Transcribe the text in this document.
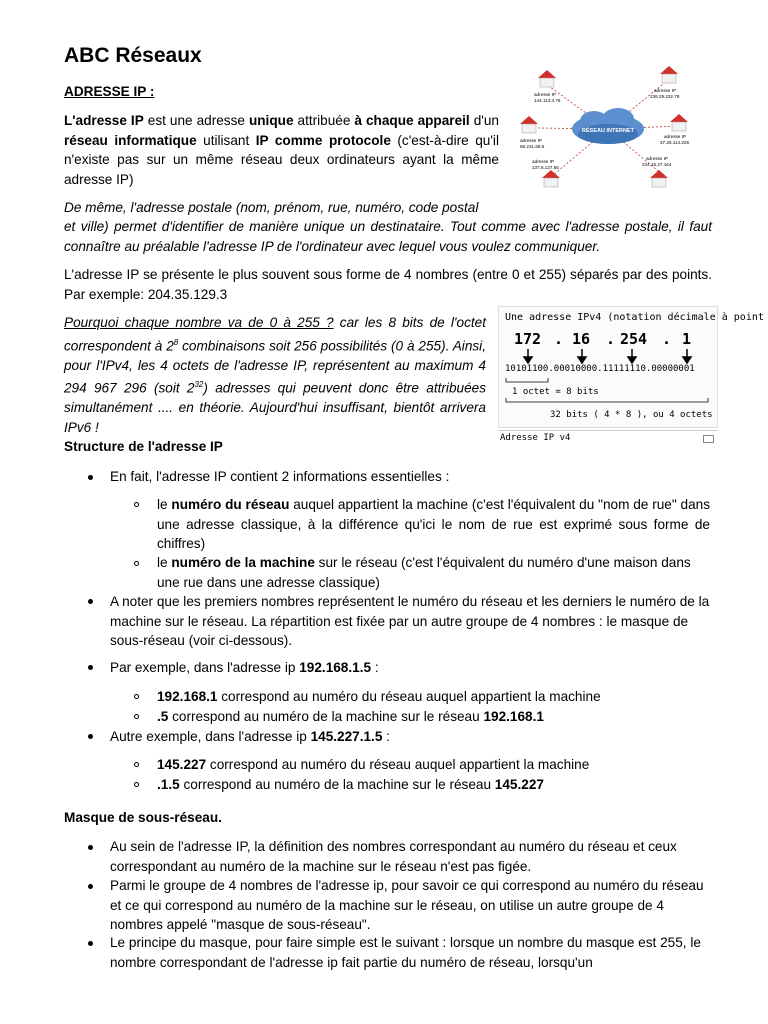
ABC Réseaux
ADRESSE IP :
L'adresse IP est une adresse unique attribuée à chaque appareil d'un réseau informatique utilisant IP comme protocole (c'est-à-dire qu'il n'existe pas sur un même réseau deux ordinateurs ayant la même adresse IP)
RÉSEAU INTERNET
adresse IP
144.113.4.78
adresse IP
236.29.232.78
adresse IP
68.231.66.5
adresse IP
37.26.114.225
adresse IP
237.6.127.65
adresse IP
234.16.27.164
De même, l'adresse postale (nom, prénom, rue, numéro, code postal
et ville) permet d'identifier de manière unique un destinataire. Tout comme avec l'adresse postale, il faut connaître au préalable l'adresse IP de l'ordinateur avec lequel vous voulez communiquer.
L'adresse IP se présente le plus souvent sous forme de 4 nombres (entre 0 et 255) séparés par des points. Par exemple: 204.35.129.3
Pourquoi chaque nombre va de 0 à 255 ? car les 8 bits de l'octet correspondent à $2^8$ combinaisons soit 256 possibilités (0 à 255). Ainsi, pour l'IPv4, les 4 octets de l'adresse IP, représentent au maximum 4 294 967 296 (soit $2^{32}$) adresses qui peuvent donc être attribuées simultanément .... en théorie. Aujourd'hui insuffisant, bientôt arrivera IPv6 !
Une adresse IPv4 (notation décimale à point
172 . 16 . 254 . 1
10101100.00010000.11111110.00000001
1 octet = 8 bits
32 bits ( 4 * 8 ), ou 4 octets
Adresse IP v4
Structure de l'adresse IP
En fait, l'adresse IP contient 2 informations essentielles :
le numéro du réseau auquel appartient la machine (c'est l'équivalent du "nom de rue" dans une adresse classique, à la différence qu'ici le nom de rue est exprimé sous forme de chiffres)
le numéro de la machine sur le réseau (c'est l'équivalent du numéro d'une maison dans une rue dans une adresse classique)
A noter que les premiers nombres représentent le numéro du réseau et les derniers le numéro de la machine sur le réseau. La répartition est fixée par un autre groupe de 4 nombres : le masque de sous-réseau (voir ci-dessous).
Par exemple, dans l'adresse ip 192.168.1.5 :
192.168.1 correspond au numéro du réseau auquel appartient la machine
.5 correspond au numéro de la machine sur le réseau 192.168.1
Autre exemple, dans l'adresse ip 145.227.1.5 :
145.227 correspond au numéro du réseau auquel appartient la machine
.1.5 correspond au numéro de la machine sur le réseau 145.227
Masque de sous-réseau.
Au sein de l'adresse IP, la définition des nombres correspondant au numéro du réseau et ceux correspondant au numéro de la machine sur le réseau n'est pas figée.
Parmi le groupe de 4 nombres de l'adresse ip, pour savoir ce qui correspond au numéro du réseau et ce qui correspond au numéro de la machine sur le réseau, on utilise un autre groupe de 4 nombres appelé "masque de sous-réseau".
Le principe du masque, pour faire simple est le suivant : lorsque un nombre du masque est 255, le nombre correspondant de l'adresse ip fait partie du numéro de réseau, lorsqu'un
